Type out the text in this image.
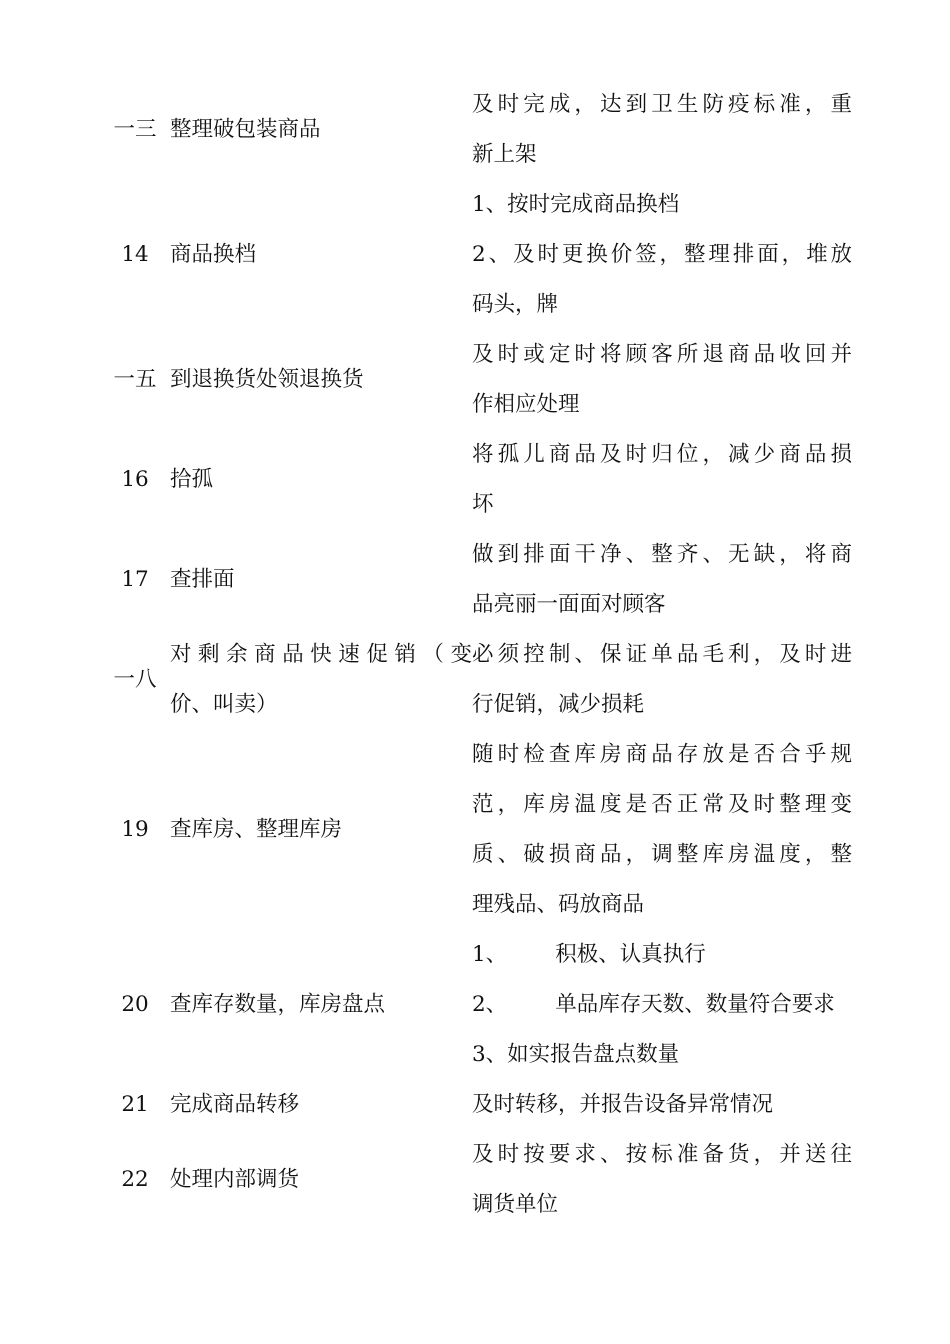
一三	整理破包装商品	及时完成，达到卫生防疫标准，重
新上架

14	商品换档	1、按时完成商品换档
2、及时更换价签，整理排面，堆放
码头，牌

一五	到退换货处领退换货	及时或定时将顾客所退商品收回并
作相应处理

16	拾孤	将孤儿商品及时归位，减少商品损
坏

17	查排面	做到排面干净、整齐、无缺，将商
品亮丽一面面对顾客

一八	对剩余商品快速促销（变
价、叫卖）	必须控制、保证单品毛利，及时进
行促销，减少损耗

19	查库房、整理库房	随时检查库房商品存放是否合乎规
范，库房温度是否正常及时整理变
质、破损商品，调整库房温度，整
理残品、码放商品

20	查库存数量，库房盘点	1、 积极、认真执行
2、 单品库存天数、数量符合要求
3、如实报告盘点数量

21	完成商品转移	及时转移，并报告设备异常情况

22	处理内部调货	及时按要求、按标准备货，并送往
调货单位
